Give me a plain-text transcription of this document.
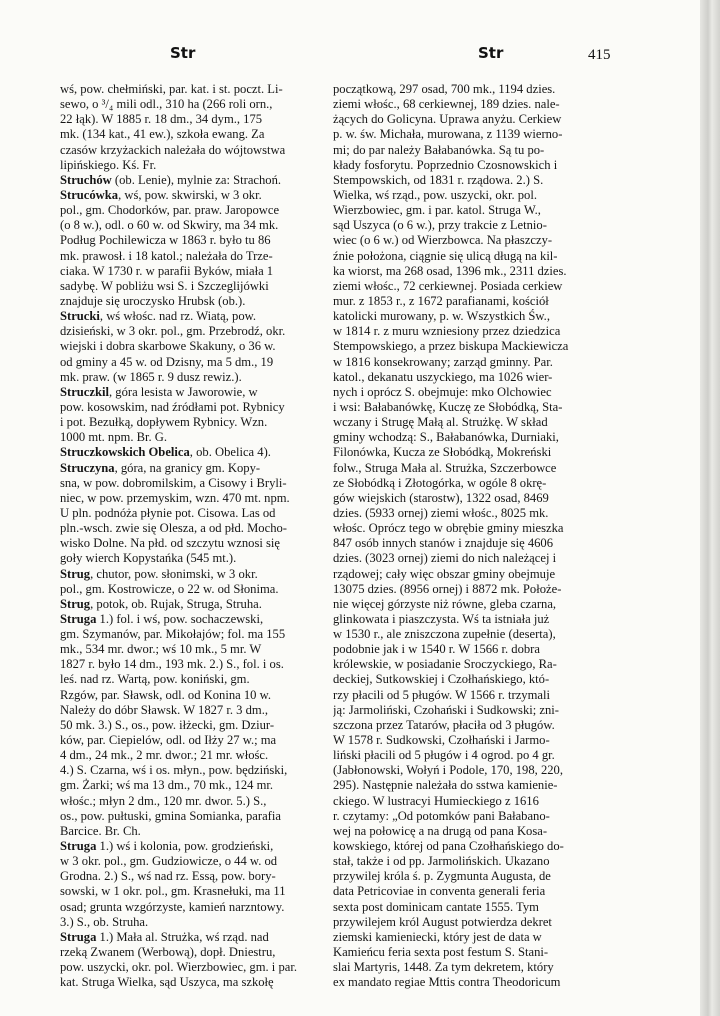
Str	Str	415
wś, pow. chełmiński, par. kat. i st. poczt. Li-
sewo, o ³/₄ mili odl., 310 ha (266 roli orn.,
22 łąk). W 1885 r. 18 dm., 34 dym., 175
mk. (134 kat., 41 ew.), szkoła ewang. Za
czasów krzyżackich należała do wójtowstwa
lipińskiego. Kś. Fr.
Struchów (ob. Lenie), mylnie za: Strachoń.
Strucówka, wś, pow. skwirski, w 3 okr.
pol., gm. Chodorków, par. praw. Jaropowce
(o 8 w.), odl. o 60 w. od Skwiry, ma 34 mk.
Podług Pochilewicza w 1863 r. było tu 86
mk. prawosł. i 18 katol.; należała do Trze-
ciaka. W 1730 r. w parafii Byków, miała 1
sadybę. W pobliżu wsi S. i Szczeglijówki
znajduje się uroczysko Hrubsk (ob.).
Strucki, wś włośc. nad rz. Wiatą, pow.
dzisieński, w 3 okr. pol., gm. Przebrodź, okr.
wiejski i dobra skarbowe Skakuny, o 36 w.
od gminy a 45 w. od Dzisny, ma 5 dm., 19
mk. praw. (w 1865 r. 9 dusz rewiz.).
Struczkil, góra lesista w Jaworowie, w
pow. kosowskim, nad źródłami pot. Rybnicy
i pot. Bezułką, dopływem Rybnicy. Wzn.
1000 mt. npm. Br. G.
Struczkowskich Obelica, ob. Obelica 4).
Struczyna, góra, na granicy gm. Kopy-
sna, w pow. dobromilskim, a Cisowy i Bryli-
niec, w pow. przemyskim, wzn. 470 mt. npm.
U pln. podnóża płynie pot. Cisowa. Las od
pln.-wsch. zwie się Olesza, a od płd. Mocho-
wisko Dolne. Na płd. od szczytu wznosi się
goły wierch Kopystańka (545 mt.).
Strug, chutor, pow. słonimski, w 3 okr.
pol., gm. Kostrowicze, o 22 w. od Słonima.
Strug, potok, ob. Rujak, Struga, Struha.
Struga 1.) fol. i wś, pow. sochaczewski,
gm. Szymanów, par. Mikołajów; fol. ma 155
mk., 534 mr. dwor.; wś 10 mk., 5 mr. W
1827 r. było 14 dm., 193 mk. 2.) S., fol. i os.
leś. nad rz. Wartą, pow. koniński, gm.
Rzgów, par. Sławsk, odl. od Konina 10 w.
Należy do dóbr Sławsk. W 1827 r. 3 dm.,
50 mk. 3.) S., os., pow. iłżecki, gm. Dziur-
ków, par. Ciepielów, odl. od Iłży 27 w.; ma
4 dm., 24 mk., 2 mr. dwor.; 21 mr. włośc.
4.) S. Czarna, wś i os. młyn., pow. będziński,
gm. Żarki; wś ma 13 dm., 70 mk., 124 mr.
włośc.; młyn 2 dm., 120 mr. dwor. 5.) S.,
os., pow. pułtuski, gmina Somianka, parafia
Barcice. Br. Ch.
Struga 1.) wś i kolonia, pow. grodzieński,
w 3 okr. pol., gm. Gudziowicze, o 44 w. od
Grodna. 2.) S., wś nad rz. Essą, pow. bory-
sowski, w 1 okr. pol., gm. Krasnełuki, ma 11
osad; grunta wzgórzyste, kamień narzntowy.
3.) S., ob. Struha.
Struga 1.) Mała al. Strużka, wś rząd. nad
rzeką Zwanem (Werbową), dopł. Dniestru,
pow. uszycki, okr. pol. Wierzbowiec, gm. i par.
kat. Struga Wielka, sąd Uszyca, ma szkołę
początkową, 297 osad, 700 mk., 1194 dzies.
ziemi włośc., 68 cerkiewnej, 189 dzies. nale-
żących do Golicyna. Uprawa anyżu. Cerkiew
p. w. św. Michała, murowana, z 1139 wierno-
mi; do par należy Bałabanówka. Są tu po-
kłady fosforytu. Poprzednio Czosnowskich i
Stempowskich, od 1831 r. rządowa. 2.) S.
Wielka, wś rząd., pow. uszycki, okr. pol.
Wierzbowiec, gm. i par. katol. Struga W.,
sąd Uszyca (o 6 w.), przy trakcie z Letnio-
wiec (o 6 w.) od Wierzbowca. Na płaszczy-
źnie położona, ciągnie się ulicą długą na kil-
ka wiorst, ma 268 osad, 1396 mk., 2311 dzies.
ziemi włośc., 72 cerkiewnej. Posiada cerkiew
mur. z 1853 r., z 1672 parafianami, kościół
katolicki murowany, p. w. Wszystkich Św.,
w 1814 r. z muru wzniesiony przez dziedzica
Stempowskiego, a przez biskupa Mackiewicza
w 1816 konsekrowany; zarząd gminny. Par.
katol., dekanatu uszyckiego, ma 1026 wier-
nych i oprócz S. obejmuje: mko Olchowiec
i wsi: Bałabanówkę, Kuczę ze Słobódką, Sta-
wczany i Strugę Małą al. Strużkę. W skład
gminy wchodzą: S., Bałabanówka, Durniaki,
Filonówka, Kucza ze Słobódką, Mokreński
folw., Struga Mała al. Strużka, Szczerbowce
ze Słobódką i Złotogórka, w ogóle 8 okrę-
gów wiejskich (starostw), 1322 osad, 8469
dzies. (5933 ornej) ziemi włośc., 8025 mk.
włośc. Oprócz tego w obrębie gminy mieszka
847 osób innych stanów i znajduje się 4606
dzies. (3023 ornej) ziemi do nich należącej i
rządowej; cały więc obszar gminy obejmuje
13075 dzies. (8956 ornej) i 8872 mk. Położe-
nie więcej górzyste niż równe, gleba czarna,
glinkowata i piaszczysta. Wś ta istniała już
w 1530 r., ale zniszczona zupełnie (deserta),
podobnie jak i w 1540 r. W 1566 r. dobra
królewskie, w posiadanie Sroczyckiego, Ra-
deckiej, Sutkowskiej i Czołhańskiego, któ-
rzy płacili od 5 pługów. W 1566 r. trzymali
ją: Jarmoliński, Czohański i Sudkowski; zni-
szczona przez Tatarów, płaciła od 3 pługów.
W 1578 r. Sudkowski, Czołhański i Jarmo-
liński płacili od 5 pługów i 4 ogrod. po 4 gr.
(Jabłonowski, Wołyń i Podole, 170, 198, 220,
295). Następnie należała do sstwa kamienie-
ckiego. W lustracyi Humieckiego z 1616
r. czytamy: „Od potomków pani Bałabano-
wej na połowicę a na drugą od pana Kosa-
kowskiego, której od pana Czołhańskiego do-
stał, także i od pp. Jarmolińskich. Ukazano
przywilej króla ś. p. Zygmunta Augusta, de
data Petricoviae in conventa generali feria
sexta post dominicam cantate 1555. Tym
przywilejem król August potwierdza dekret
ziemski kamieniecki, który jest de data w
Kamieńcu feria sexta post festum S. Stani-
slai Martyris, 1448. Za tym dekretem, który
ex mandato regiae Mttis contra Theodoricum
